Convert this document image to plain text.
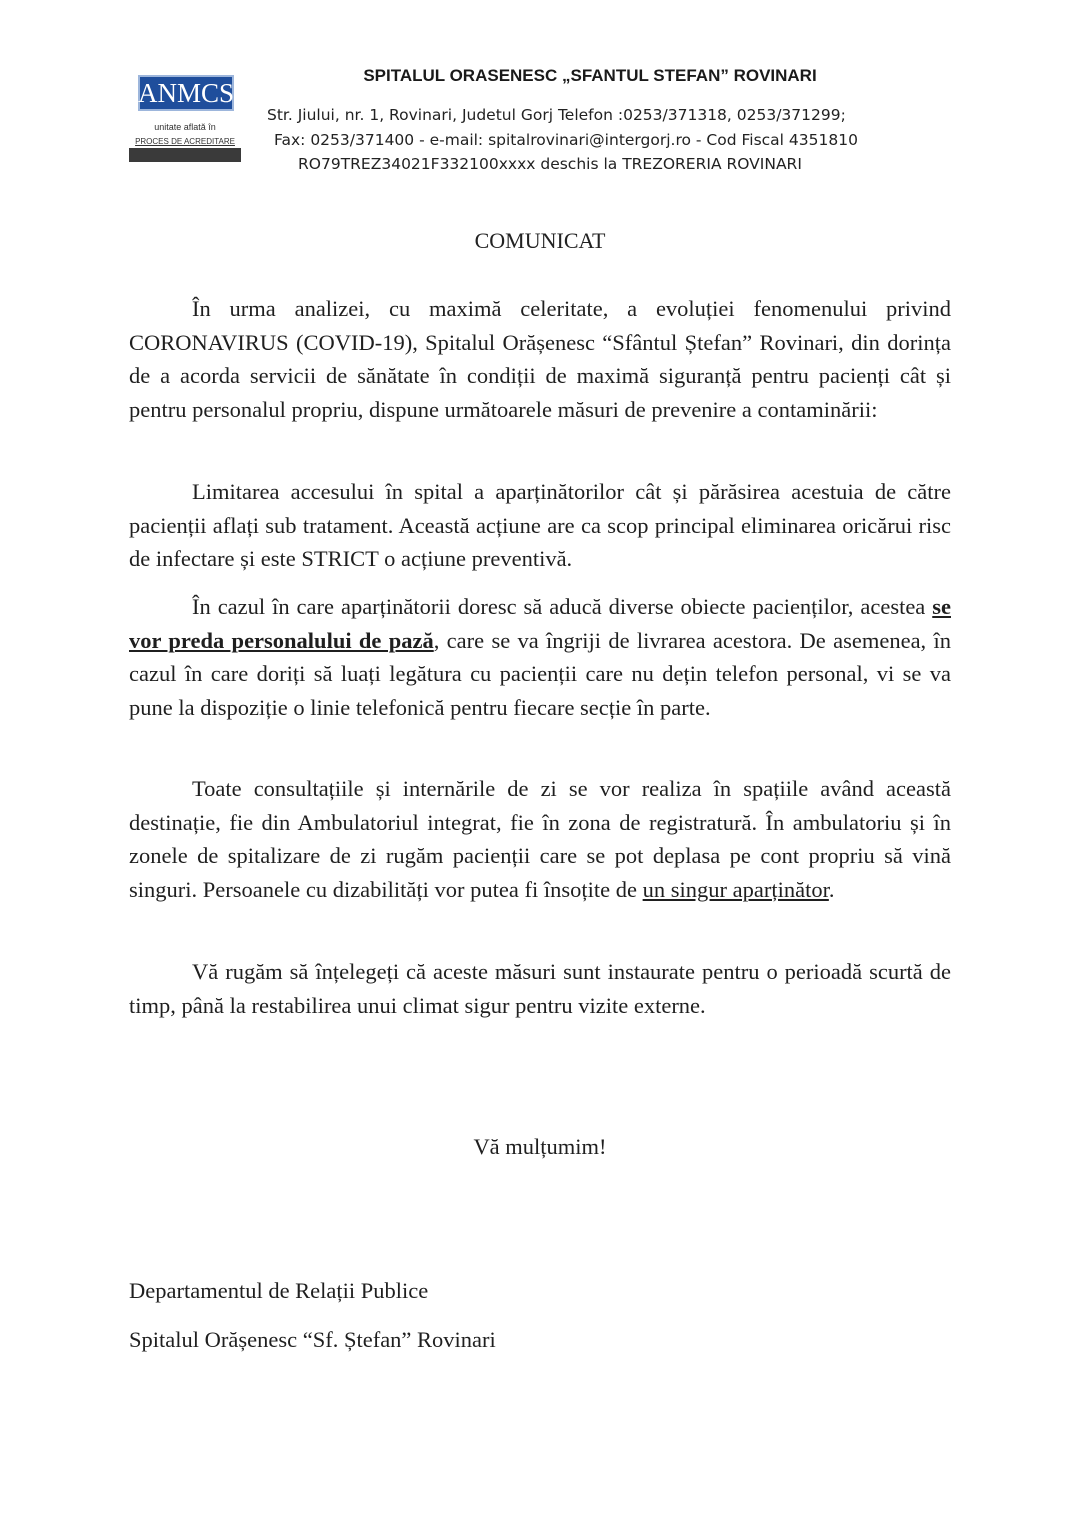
ANMCS
unitate aflată în
PROCES DE ACREDITARE
SPITALUL ORASENESC „SFANTUL STEFAN” ROVINARI
Str. Jiului, nr. 1, Rovinari, Judetul Gorj Telefon :0253/371318, 0253/371299;
Fax: 0253/371400 - e-mail: spitalrovinari@intergorj.ro - Cod Fiscal 4351810
RO79TREZ34021F332100xxxx deschis la TREZORERIA ROVINARI
COMUNICAT

În urma analizei, cu maximă celeritate, a evoluției fenomenului privind CORONAVIRUS (COVID-19), Spitalul Orășenesc “Sfântul Ștefan” Rovinari, din dorința de a acorda servicii de sănătate în condiții de maximă siguranță pentru pacienți cât și pentru personalul propriu, dispune următoarele măsuri de prevenire a contaminării:

Limitarea accesului în spital a aparținătorilor cât și părăsirea acestuia de către pacienții aflați sub tratament. Această acțiune are ca scop principal eliminarea oricărui risc de infectare și este STRICT o acțiune preventivă.

În cazul în care aparținătorii doresc să aducă diverse obiecte pacienților, acestea se vor preda personalului de pază, care se va îngriji de livrarea acestora. De asemenea, în cazul în care doriți să luați legătura cu pacienții care nu dețin telefon personal, vi se va pune la dispoziție o linie telefonică pentru fiecare secție în parte.

Toate consultațiile și internările de zi se vor realiza în spațiile având această destinație, fie din Ambulatoriul integrat, fie în zona de registratură. În ambulatoriu și în zonele de spitalizare de zi rugăm pacienții care se pot deplasa pe cont propriu să vină singuri. Persoanele cu dizabilități vor putea fi însoțite de un singur aparținător.

Vă rugăm să înțelegeți că aceste măsuri sunt instaurate pentru o perioadă scurtă de timp, până la restabilirea unui climat sigur pentru vizite externe.

Vă mulțumim!
Departamentul de Relații Publice
Spitalul Orășenesc “Sf. Ștefan” Rovinari
